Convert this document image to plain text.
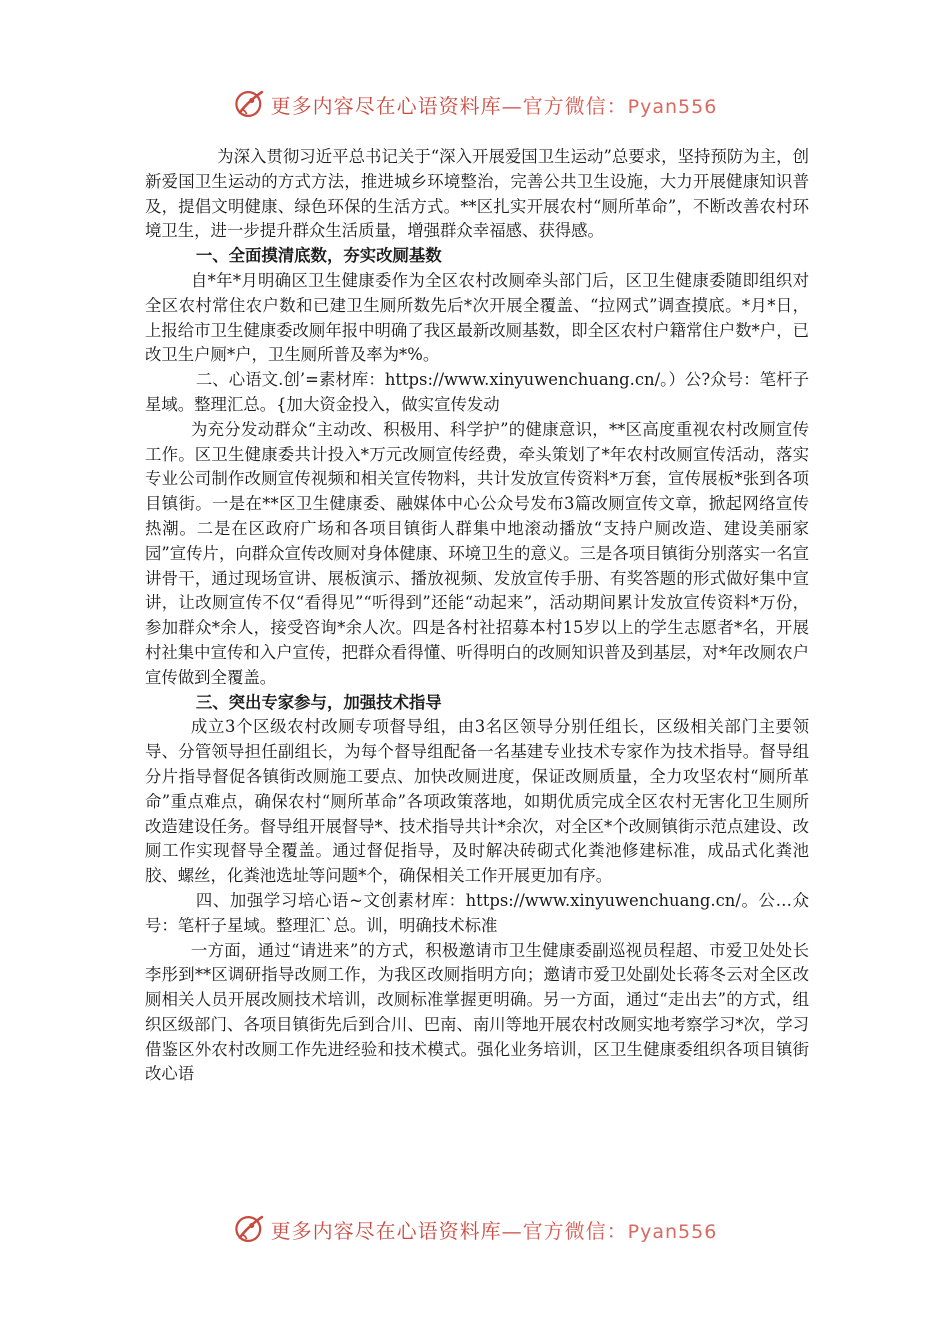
更多内容尽在心语资料库—官方微信：Pyan556

为深入贯彻习近平总书记关于“深入开展爱国卫生运动”总要求，坚持预防为主，创新爱国卫生运动的方式方法，推进城乡环境整治，完善公共卫生设施，大力开展健康知识普及，提倡文明健康、绿色环保的生活方式。**区扎实开展农村“厕所革命”，不断改善农村环境卫生，进一步提升群众生活质量，增强群众幸福感、获得感。

一、全面摸清底数，夯实改厕基数

自*年*月明确区卫生健康委作为全区农村改厕牵头部门后，区卫生健康委随即组织对全区农村常住农户数和已建卫生厕所数先后*次开展全覆盖、“拉网式”调查摸底。*月*日，上报给市卫生健康委改厕年报中明确了我区最新改厕基数，即全区农村户籍常住户数*户，已改卫生户厕*户，卫生厕所普及率为*%。

二、心语文.创’=素材库：https://www.xinyuwenchuang.cn/。）公?众号：笔杆子星域。整理汇总。{加大资金投入，做实宣传发动

为充分发动群众“主动改、积极用、科学护”的健康意识，**区高度重视农村改厕宣传工作。区卫生健康委共计投入*万元改厕宣传经费，牵头策划了*年农村改厕宣传活动，落实专业公司制作改厕宣传视频和相关宣传物料，共计发放宣传资料*万套，宣传展板*张到各项目镇街。一是在**区卫生健康委、融媒体中心公众号发布3篇改厕宣传文章，掀起网络宣传热潮。二是在区政府广场和各项目镇街人群集中地滚动播放“支持户厕改造、建设美丽家园”宣传片，向群众宣传改厕对身体健康、环境卫生的意义。三是各项目镇街分别落实一名宣讲骨干，通过现场宣讲、展板演示、播放视频、发放宣传手册、有奖答题的形式做好集中宣讲，让改厕宣传不仅“看得见”“听得到”还能“动起来”，活动期间累计发放宣传资料*万份，参加群众*余人，接受咨询*余人次。四是各村社招募本村15岁以上的学生志愿者*名，开展村社集中宣传和入户宣传，把群众看得懂、听得明白的改厕知识普及到基层，对*年改厕农户宣传做到全覆盖。

三、突出专家参与，加强技术指导

成立3个区级农村改厕专项督导组，由3名区领导分别任组长，区级相关部门主要领导、分管领导担任副组长，为每个督导组配备一名基建专业技术专家作为技术指导。督导组分片指导督促各镇街改厕施工要点、加快改厕进度，保证改厕质量，全力攻坚农村“厕所革命”重点难点，确保农村“厕所革命”各项政策落地，如期优质完成全区农村无害化卫生厕所改造建设任务。督导组开展督导*、技术指导共计*余次，对全区*个改厕镇街示范点建设、改厕工作实现督导全覆盖。通过督促指导，及时解决砖砌式化粪池修建标准，成品式化粪池胶、螺丝，化粪池选址等问题*个，确保相关工作开展更加有序。

四、加强学习培心语~文创素材库：https://www.xinyuwenchuang.cn/。公…众号：笔杆子星域。整理汇`总。训，明确技术标准

一方面，通过“请进来”的方式，积极邀请市卫生健康委副巡视员程超、市爱卫处处长李彤到**区调研指导改厕工作，为我区改厕指明方向；邀请市爱卫处副处长蒋冬云对全区改厕相关人员开展改厕技术培训，改厕标准掌握更明确。另一方面，通过“走出去”的方式，组织区级部门、各项目镇街先后到合川、巴南、南川等地开展农村改厕实地考察学习*次，学习借鉴区外农村改厕工作先进经验和技术模式。强化业务培训，区卫生健康委组织各项目镇街改心语

更多内容尽在心语资料库—官方微信：Pyan556
